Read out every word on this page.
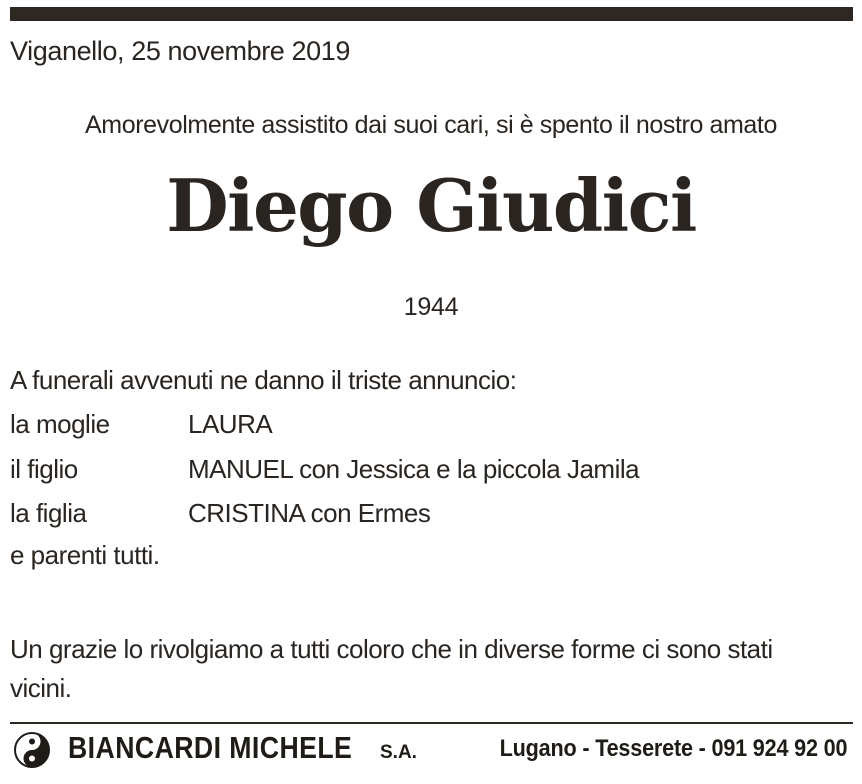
Viganello, 25 novembre 2019
Amorevolmente assistito dai suoi cari, si è spento il nostro amato
Diego Giudici
1944
A funerali avvenuti ne danno il triste annuncio:
la moglie	LAURA
il figlio	MANUEL con Jessica e la piccola Jamila
la figlia	CRISTINA con Ermes
e parenti tutti.
Un grazie lo rivolgiamo a tutti coloro che in diverse forme ci sono stati vicini.
BIANCARDI MICHELE S.A.	Lugano - Tesserete - 091 924 92 00
